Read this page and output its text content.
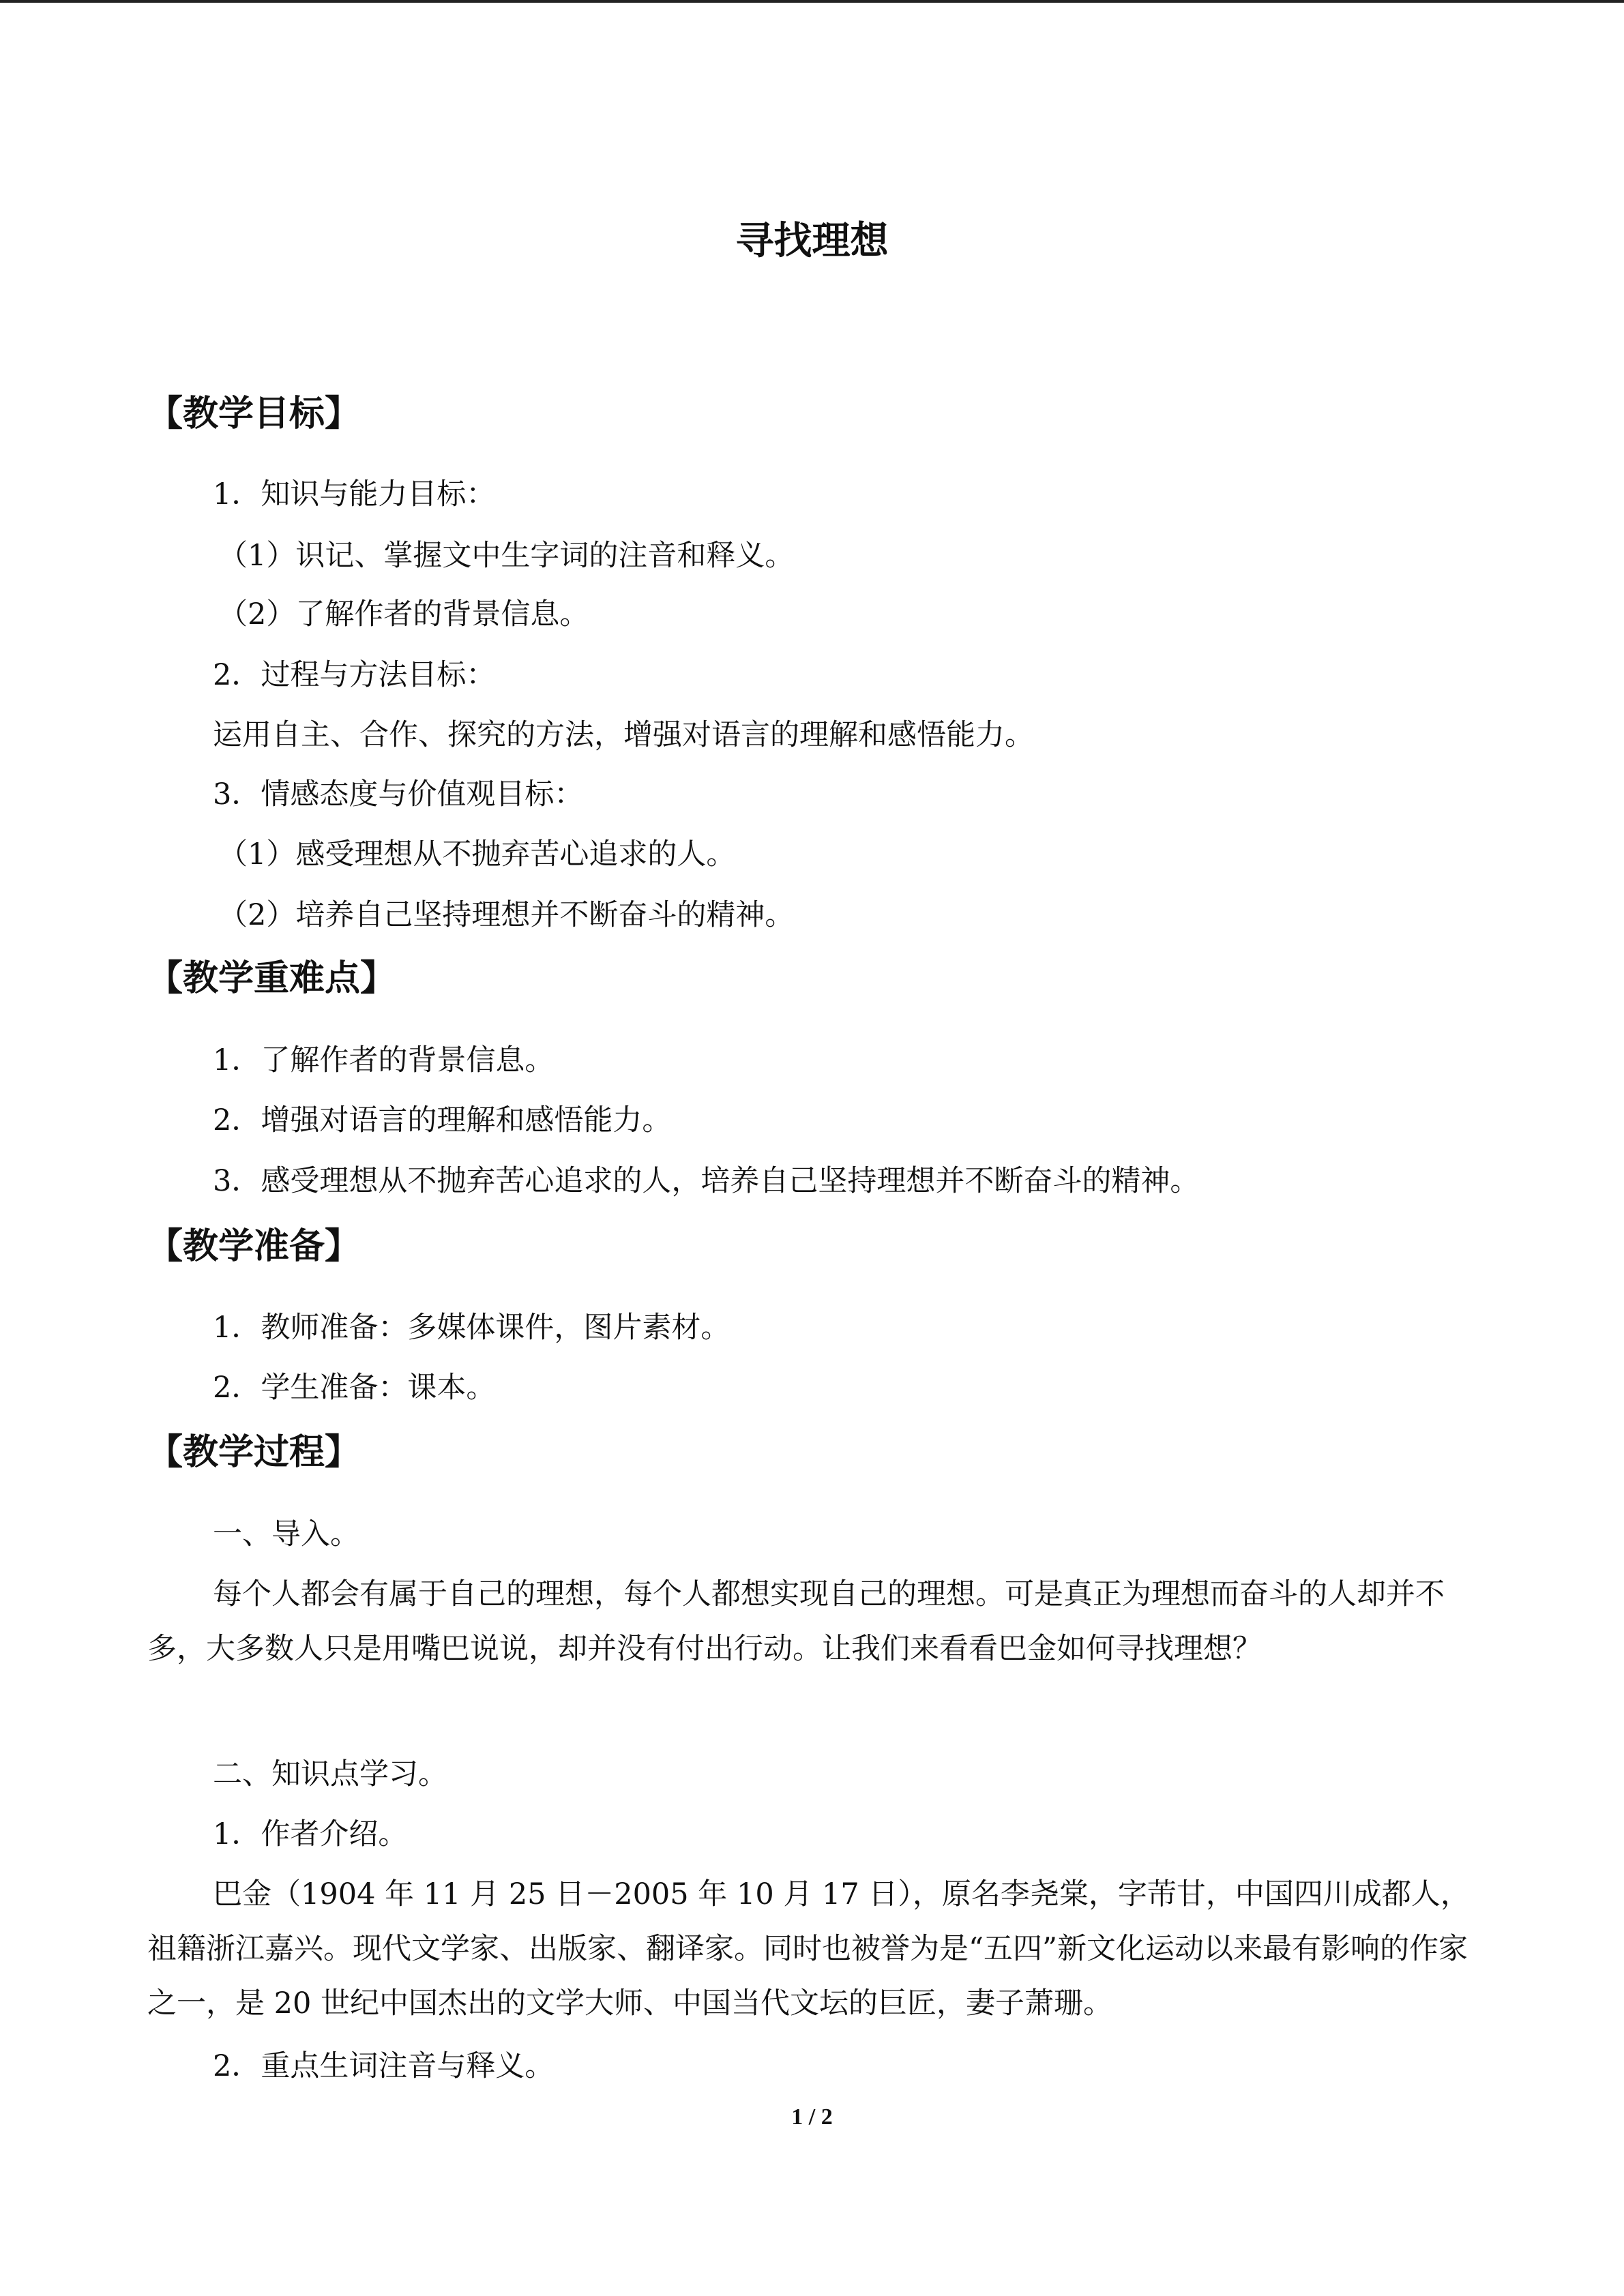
寻找理想
【教学目标】

1．知识与能力目标：

（1）识记、掌握文中生字词的注音和释义。

（2）了解作者的背景信息。

2．过程与方法目标：

运用自主、合作、探究的方法，增强对语言的理解和感悟能力。

3．情感态度与价值观目标：

（1）感受理想从不抛弃苦心追求的人。

（2）培养自己坚持理想并不断奋斗的精神。

【教学重难点】

1．了解作者的背景信息。

2．增强对语言的理解和感悟能力。

3．感受理想从不抛弃苦心追求的人，培养自己坚持理想并不断奋斗的精神。

【教学准备】

1．教师准备：多媒体课件，图片素材。

2．学生准备：课本。

【教学过程】

一、导入。

每个人都会有属于自己的理想，每个人都想实现自己的理想。可是真正为理想而奋斗的人却并不多，大多数人只是用嘴巴说说，却并没有付出行动。让我们来看看巴金如何寻找理想？

二、知识点学习。

1．作者介绍。

巴金（1904 年 11 月 25 日－2005 年 10 月 17 日），原名李尧棠，字芾甘，中国四川成都人，祖籍浙江嘉兴。现代文学家、出版家、翻译家。同时也被誉为是“五四”新文化运动以来最有影响的作家之一，是 20 世纪中国杰出的文学大师、中国当代文坛的巨匠，妻子萧珊。

2．重点生词注音与释义。

1 / 2
